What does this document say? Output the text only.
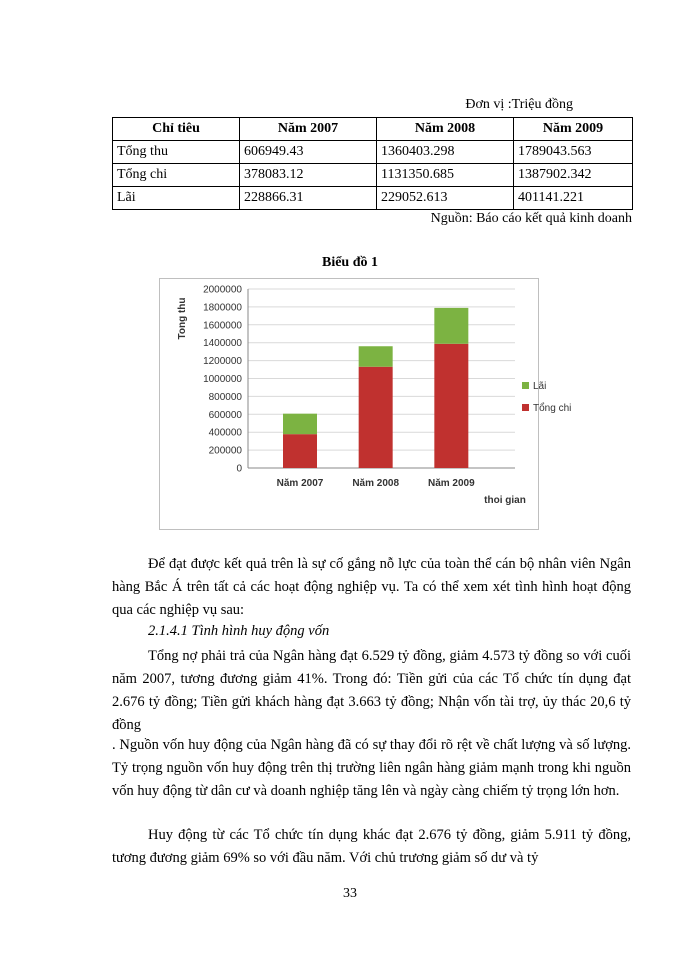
Đơn vị :Triệu đồng
Chỉ tiêu	Năm 2007	Năm 2008	Năm 2009
Tổng thu	606949.43	1360403.298	1789043.563
Tổng chi	378083.12	1131350.685	1387902.342
Lãi	228866.31	229052.613	401141.221
Nguồn: Báo cáo kết quả kinh doanh
Biểu đồ 1
0
200000
400000
600000
800000
1000000
1200000
1400000
1600000
1800000
2000000
Tong thu
Năm 2007	Năm 2008	Năm 2009
thoi gian
Lãi
Tổng chi

Để đạt được kết quả trên là sự cố gắng nỗ lực của toàn thể cán bộ nhân viên Ngân hàng Bắc Á trên tất cả các hoạt động nghiệp vụ. Ta có thể xem xét tình hình hoạt động qua các nghiệp vụ sau:

2.1.4.1 Tình hình huy động vốn

Tổng nợ phải trả của Ngân hàng đạt 6.529 tỷ đồng, giảm 4.573 tỷ đồng so với cuối năm 2007, tương đương giảm 41%. Trong đó: Tiền gửi của các Tổ chức tín dụng đạt 2.676 tỷ đồng; Tiền gửi khách hàng đạt 3.663 tỷ đồng; Nhận vốn tài trợ, ủy thác 20,6 tỷ đồng

. Nguồn vốn huy động của Ngân hàng đã có sự thay đổi rõ rệt về chất lượng và số lượng. Tỷ trọng nguồn vốn huy động trên thị trường liên ngân hàng giảm mạnh trong khi nguồn vốn huy động từ dân cư và doanh nghiệp tăng lên và ngày càng chiếm tỷ trọng lớn hơn.

Huy động từ các Tổ chức tín dụng khác đạt 2.676 tỷ đồng, giảm 5.911 tỷ đồng, tương đương giảm 69% so với đầu năm. Với chủ trương giảm số dư và tỷ

33
